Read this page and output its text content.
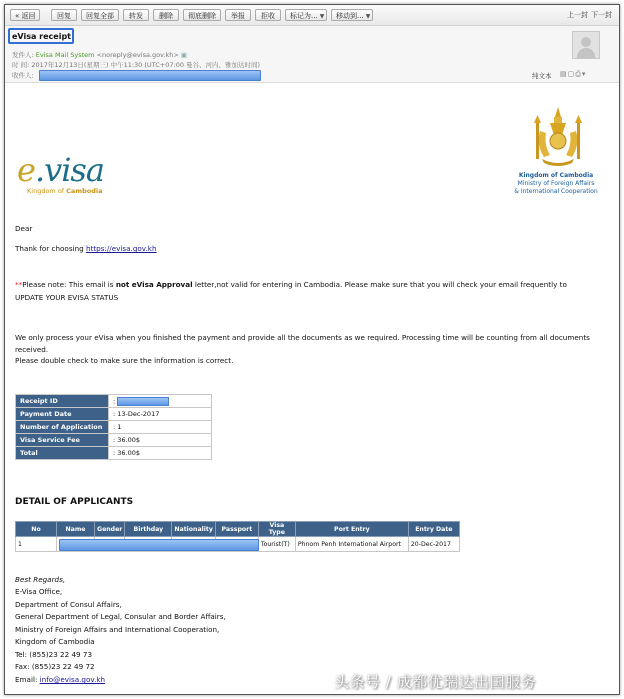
« 返回	回复	回复全部	转发	删除	彻底删除	举报	拒收	标记为... ▼	移动到... ▼	上一封 下一封
eVisa receipt
发件人: Evisa Mail System <noreply@evisa.gov.kh> ▣
时 间: 2017年12月13日(星期三) 中午11:30 (UTC+07:00 曼谷、河内、雅加达时间)
收件人:	纯文本 ▤▢⎙▾
e.visa
Kingdom of Cambodia
Kingdom of Cambodia
Ministry of Foreign Affairs
& International Cooperation
Dear
Thank for choosing https://evisa.gov.kh
**Please note: This email is not eVisa Approval letter,not valid for entering in Cambodia. Please make sure that you will check your email frequently to
UPDATE YOUR EVISA STATUS
We only process your eVisa when you finished the payment and provide all the documents as we required. Processing time will be counting from all documents
received.
Please double check to make sure the information is correct.
Receipt ID	:
Payment Date	: 13-Dec-2017
Number of Application	: 1
Visa Service Fee	: 36.00$
Total	: 36.00$
DETAIL OF APPLICANTS
No	Name	Gender	Birthday	Nationality	Passport	Visa Type	Port Entry	Entry Date
1						Tourist(T)	Phnom Penh International Airport	20-Dec-2017
Best Regards,
E-Visa Office,
Department of Consul Affairs,
General Department of Legal, Consular and Border Affairs,
Ministry of Foreign Affairs and International Cooperation,
Kingdom of Cambodia
Tel: (855)23 22 49 73
Fax: (855)23 22 49 72
Email: info@evisa.gov.kh	头条号 / 成都优瑞达出国服务
